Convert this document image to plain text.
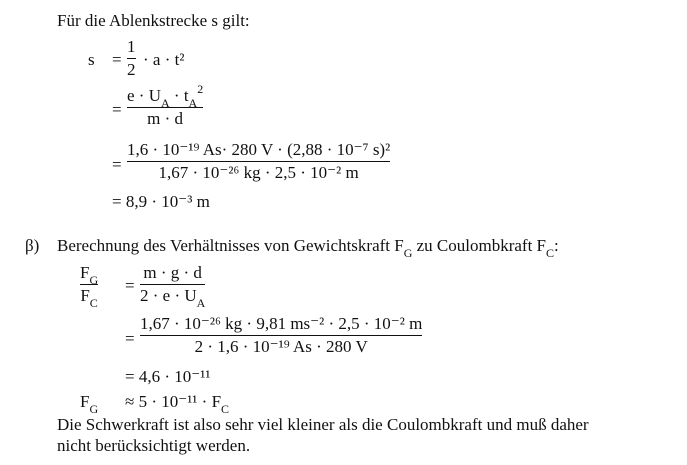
Für die Ablenkstrecke s gilt:
s =
1
2
· a · t²
=
$e \cdot U_A \cdot t_A^2$
m · d
=
1,6 · 10⁻¹⁹ As· 280 V · (2,88 · 10⁻⁷ s)²
1,67 · 10⁻²⁶ kg · 2,5 · 10⁻² m
= 8,9 · 10⁻³ m
β) Berechnung des Verhältnisses von Gewichtskraft $F_G$ zu Coulombkraft $F_C$:
$F_G$
$F_C$
=
m · g · d
$2 \cdot e \cdot U_A$
=
1,67 · 10⁻²⁶ kg · 9,81 ms⁻² · 2,5 · 10⁻² m
2 · 1,6 · 10⁻¹⁹ As · 280 V
= 4,6 · 10⁻¹¹
$F_G \approx 5 \cdot 10^{-11} \cdot F_C$
Die Schwerkraft ist also sehr viel kleiner als die Coulombkraft und muß daher
nicht berücksichtigt werden.
